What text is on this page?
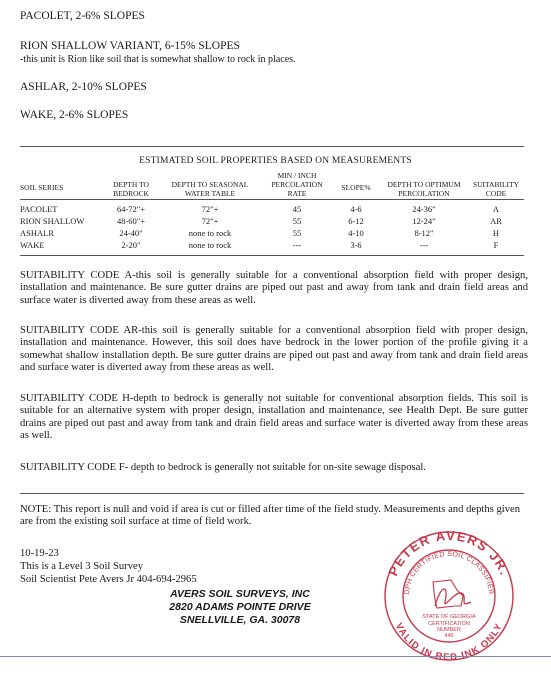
PACOLET, 2-6% SLOPES
RION SHALLOW VARIANT, 6-15% SLOPES
-this unit is Rion like soil that is somewhat shallow to rock in places.
ASHLAR, 2-10% SLOPES
WAKE, 2-6% SLOPES
ESTIMATED SOIL PROPERTIES BASED ON MEASUREMENTS
SOIL SERIES	DEPTH TO
BEDROCK
DEPTH TO SEASONAL
WATER TABLE
MIN / INCH
PERCOLATION
RATE
SLOPE%	DEPTH TO OPTIMUM
PERCOLATION
SUITABILITY
CODE
PACOLET	64-72"+	72"+	45	4-6	24-36"	A
RION SHALLOW	48-60"+	72"+	55	6-12	12-24"	AR
ASHALR	24-40"	none to rock	55	4-10	8-12"	H
WAKE	2-20"	none to rock	---	3-6	---	F
SUITABILITY CODE A-this soil is generally suitable for a conventional absorption field with proper design, installation and maintenance. Be sure gutter drains are piped out past and away from tank and drain field areas and surface water is diverted away from these areas as well.
SUITABILITY CODE AR-this soil is generally suitable for a conventional absorption field with proper design, installation and maintenance. However, this soil does have bedrock in the lower portion of the profile giving it a somewhat shallow installation depth. Be sure gutter drains are piped out past and away from tank and drain field areas and surface water is diverted away from these areas as well.
SUITABILITY CODE H-depth to bedrock is generally not suitable for conventional absorption fields. This soil is suitable for an alternative system with proper design, installation and maintenance, see Health Dept. Be sure gutter drains are piped out past and away from tank and drain field areas and surface water is diverted away from these areas as well.
SUITABILITY CODE F- depth to bedrock is generally not suitable for on-site sewage disposal.
NOTE: This report is null and void if area is cut or filled after time of the field study. Measurements and depths given are from the existing soil surface at time of field work.
10-19-23
This is a Level 3 Soil Survey
Soil Scientist Pete Avers Jr 404-694-2965
AVERS SOIL SURVEYS, INC
2820 ADAMS POINTE DRIVE
SNELLVILLE, GA. 30078
PETER AVERS JR.
DPH CERTIFIED SOIL CLASSIFIER
STATE OF GEORGIA
CERTIFICATION
NUMBER
446
VALID IN RED INK ONLY
